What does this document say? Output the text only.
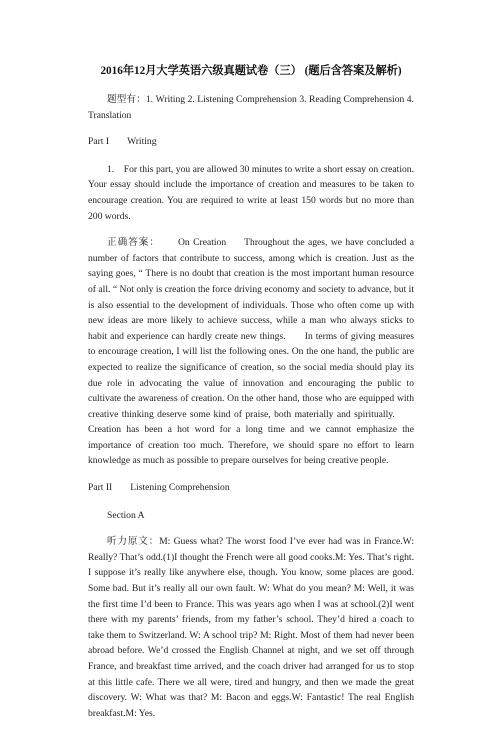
2016年12月大学英语六级真题试卷（三） (题后含答案及解析)
题型有：1. Writing 2. Listening Comprehension 3. Reading Comprehension 4. Translation
Part I Writing
1. For this part, you are allowed 30 minutes to write a short essay on creation. Your essay should include the importance of creation and measures to be taken to encourage creation. You are required to write at least 150 words but no more than 200 words.
正确答案： On Creation Throughout the ages, we have concluded a number of factors that contribute to success, among which is creation. Just as the saying goes, “ There is no doubt that creation is the most important human resource of all. “ Not only is creation the force driving economy and society to advance, but it is also essential to the development of individuals. Those who often come up with new ideas are more likely to achieve success, while a man who always sticks to habit and experience can hardly create new things.  In terms of giving measures to encourage creation, I will list the following ones. On the one hand, the public are expected to realize the significance of creation, so the social media should play its due role in advocating the value of innovation and encouraging the public to cultivate the awareness of creation. On the other hand, those who are equipped with creative thinking deserve some kind of praise, both materially and spiritually.  Creation has been a hot word for a long time and we cannot emphasize the importance of creation too much. Therefore, we should spare no effort to learn knowledge as much as possible to prepare ourselves for being creative people.
Part II Listening Comprehension
Section A
听力原文：M: Guess what? The worst food I’ve ever had was in France.W: Really? That’s odd.(1)I thought the French were all good cooks.M: Yes. That’s right. I suppose it’s really like anywhere else, though. You know, some places are good. Some bad. But it’s really all our own fault. W: What do you mean? M: Well, it was the first time I’d been to France. This was years ago when I was at school.(2)I went there with my parents’ friends, from my father’s school. They’d hired a coach to take them to Switzerland. W: A school trip? M: Right. Most of them had never been abroad before. We’d crossed the English Channel at night, and we set off through France, and breakfast time arrived, and the coach driver had arranged for us to stop at this little cafe. There we all were, tired and hungry, and then we made the great discovery. W: What was that? M: Bacon and eggs.W: Fantastic! The real English breakfast.M: Yes.
